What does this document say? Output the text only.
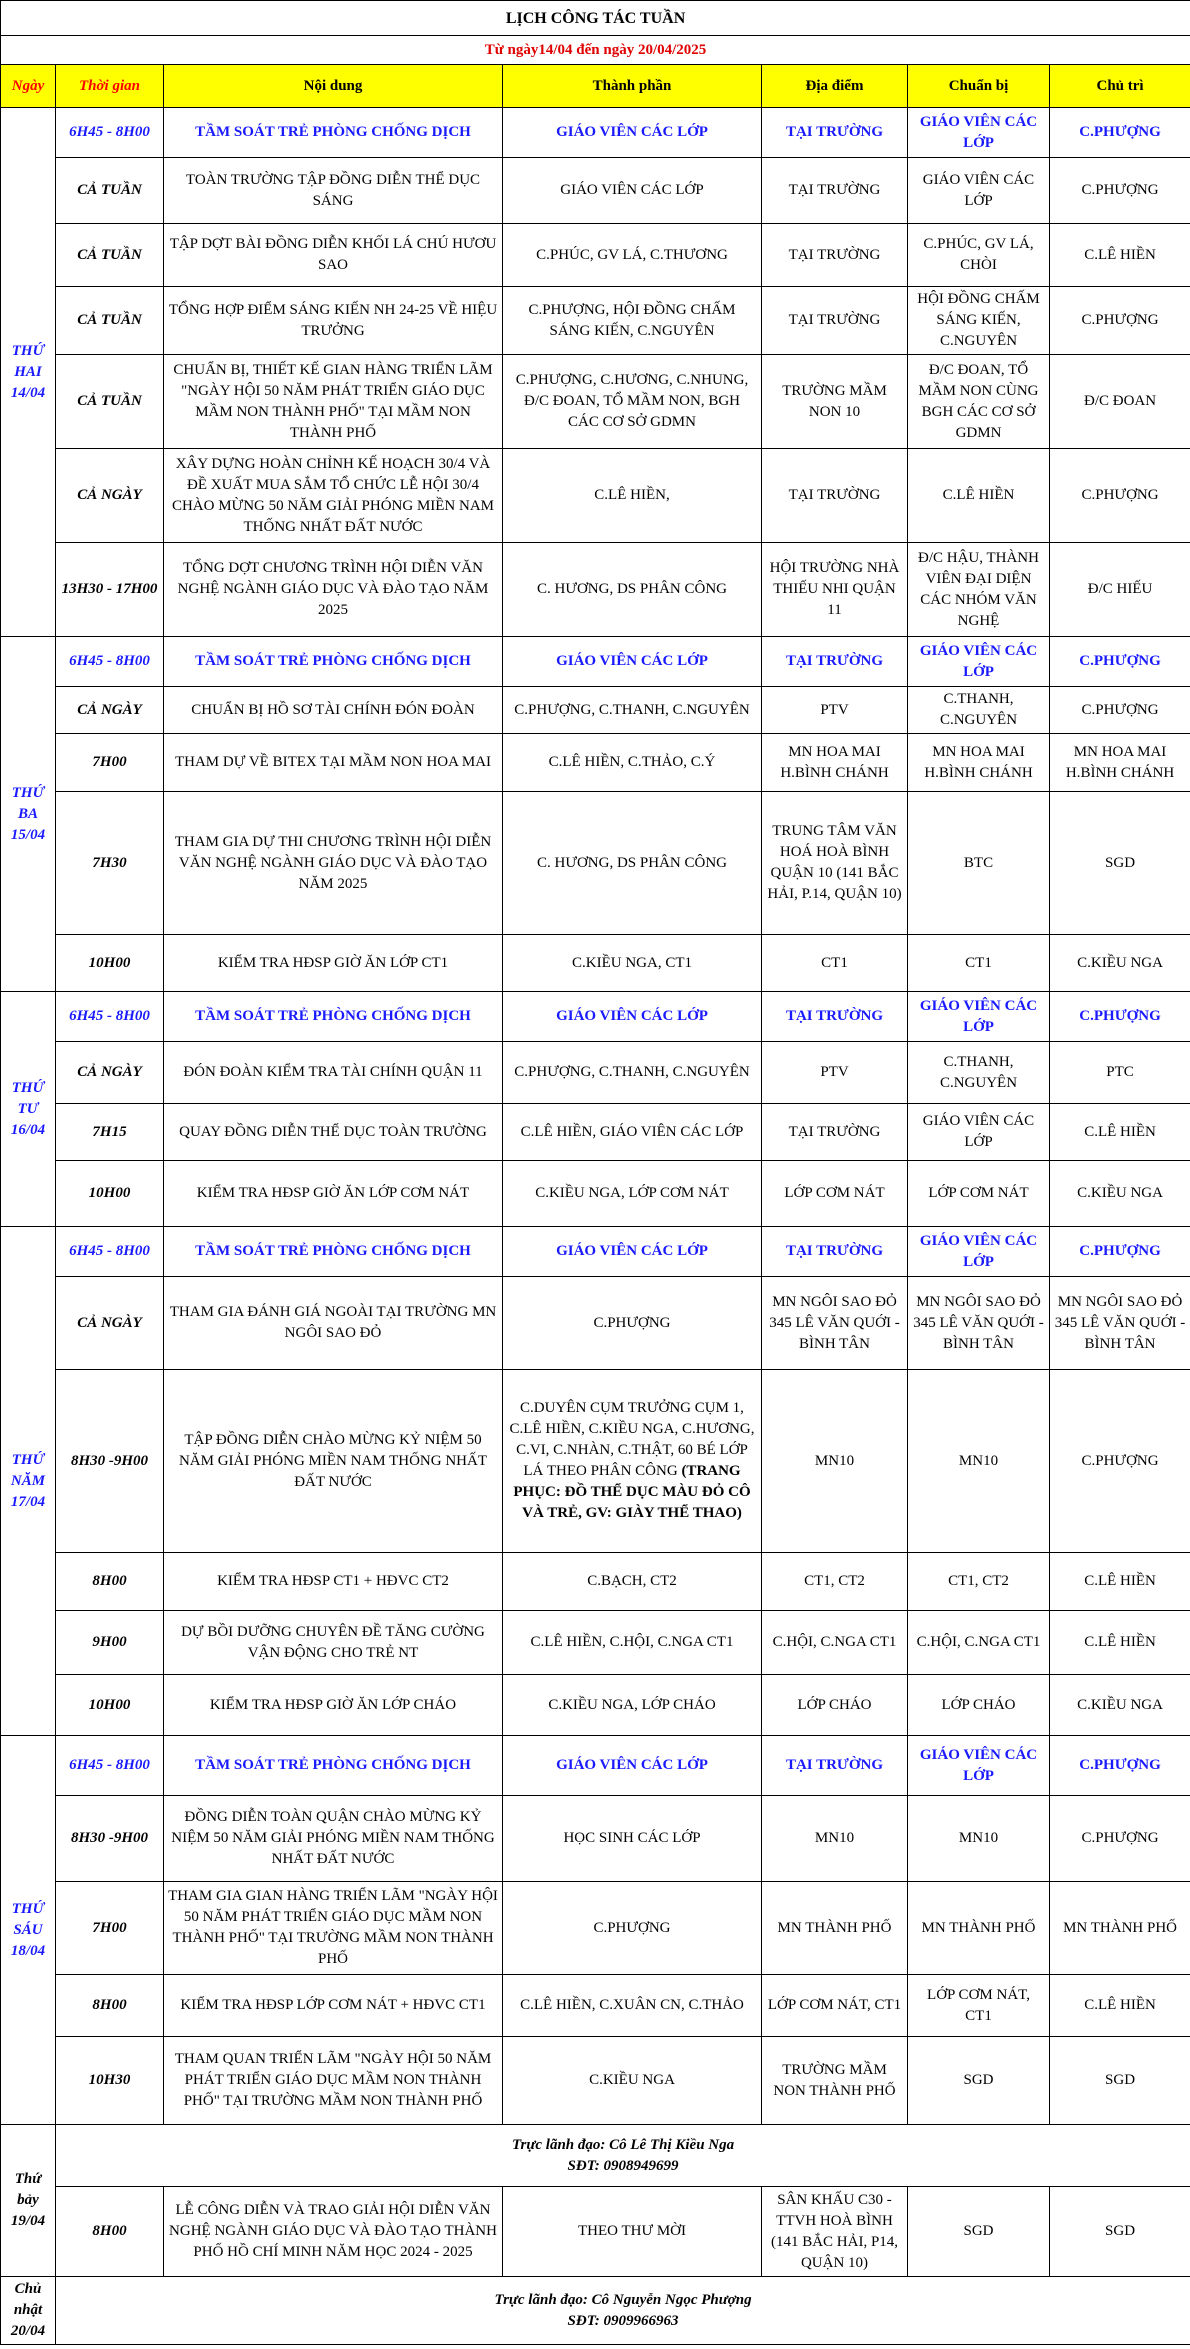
LỊCH CÔNG TÁC TUẦN						
Từ ngày14/04 đến ngày 20/04/2025						
Ngày	Thời gian	Nội dung	Thành phần	Địa điểm	Chuẩn bị	Chủ trì
THỨ HAI 14/04	6H45 - 8H00	TẦM SOÁT TRẺ PHÒNG CHỐNG DỊCH	GIÁO VIÊN CÁC LỚP	TẠI TRƯỜNG	GIÁO VIÊN CÁC LỚP	C.PHƯỢNG
	CẢ TUẦN	TOÀN TRƯỜNG TẬP ĐỒNG DIỄN THỂ DỤC SÁNG	GIÁO VIÊN CÁC LỚP	TẠI TRƯỜNG	GIÁO VIÊN CÁC LỚP	C.PHƯỢNG
	CẢ TUẦN	TẬP DỢT BÀI ĐỒNG DIỄN KHỐI LÁ CHÚ HƯƠU SAO	C.PHÚC, GV LÁ, C.THƯƠNG	TẠI TRƯỜNG	C.PHÚC, GV LÁ, CHÒI	C.LÊ HIỀN
	CẢ TUẦN	TỔNG HỢP ĐIỂM SÁNG KIẾN NH 24-25 VỀ HIỆU TRƯỞNG	C.PHƯỢNG, HỘI ĐỒNG CHẤM SÁNG KIẾN, C.NGUYÊN	TẠI TRƯỜNG	HỘI ĐỒNG CHẤM SÁNG KIẾN, C.NGUYÊN	C.PHƯỢNG
	CẢ TUẦN	CHUẨN BỊ, THIẾT KẾ GIAN HÀNG TRIỂN LÃM "NGÀY HỘI 50 NĂM PHÁT TRIỂN GIÁO DỤC MẦM NON THÀNH PHỐ" TẠI MẦM NON THÀNH PHỐ	C.PHƯỢNG, C.HƯƠNG, C.NHUNG, Đ/C ĐOAN, TỔ MẦM NON, BGH CÁC CƠ SỞ GDMN	TRƯỜNG MẦM NON 10	Đ/C ĐOAN, TỔ MẦM NON CÙNG BGH CÁC CƠ SỞ GDMN	Đ/C ĐOAN
	CẢ NGÀY	XÂY DỰNG HOÀN CHỈNH KẾ HOẠCH 30/4 VÀ ĐỀ XUẤT MUA SẮM TỔ CHỨC LỄ HỘI 30/4 CHÀO MỪNG 50 NĂM GIẢI PHÓNG MIỀN NAM THỐNG NHẤT ĐẤT NƯỚC	C.LÊ HIỀN,	TẠI TRƯỜNG	C.LÊ HIỀN	C.PHƯỢNG
	13H30 - 17H00	TỔNG DỢT CHƯƠNG TRÌNH HỘI DIỄN VĂN NGHỆ NGÀNH GIÁO DỤC VÀ ĐÀO TẠO NĂM 2025	C. HƯƠNG, DS PHÂN CÔNG	HỘI TRƯỜNG NHÀ THIẾU NHI QUẬN 11	Đ/C HẬU, THÀNH VIÊN ĐẠI DIỆN CÁC NHÓM VĂN NGHỆ	Đ/C HIẾU
THỨ BA 15/04	6H45 - 8H00	TẦM SOÁT TRẺ PHÒNG CHỐNG DỊCH	GIÁO VIÊN CÁC LỚP	TẠI TRƯỜNG	GIÁO VIÊN CÁC LỚP	C.PHƯỢNG
	CẢ NGÀY	CHUẨN BỊ HỒ SƠ TÀI CHÍNH ĐÓN ĐOÀN	C.PHƯỢNG, C.THANH, C.NGUYÊN	PTV	C.THANH, C.NGUYÊN	C.PHƯỢNG
	7H00	THAM DỰ VỀ BITEX TẠI MẦM NON HOA MAI	C.LÊ HIỀN, C.THẢO, C.Ý	MN HOA MAI H.BÌNH CHÁNH	MN HOA MAI H.BÌNH CHÁNH	MN HOA MAI H.BÌNH CHÁNH
	7H30	THAM GIA DỰ THI CHƯƠNG TRÌNH HỘI DIỄN VĂN NGHỆ NGÀNH GIÁO DỤC VÀ ĐÀO TẠO NĂM 2025	C. HƯƠNG, DS PHÂN CÔNG	TRUNG TÂM VĂN HOÁ HOÀ BÌNH QUẬN 10 (141 BẮC HẢI, P.14, QUẬN 10)	BTC	SGD
	10H00	KIỂM TRA HĐSP GIỜ ĂN LỚP CT1	C.KIỀU NGA, CT1	CT1	CT1	C.KIỀU NGA
THỨ TƯ 16/04	6H45 - 8H00	TẦM SOÁT TRẺ PHÒNG CHỐNG DỊCH	GIÁO VIÊN CÁC LỚP	TẠI TRƯỜNG	GIÁO VIÊN CÁC LỚP	C.PHƯỢNG
	CẢ NGÀY	ĐÓN ĐOÀN KIỂM TRA TÀI CHÍNH QUẬN 11	C.PHƯỢNG, C.THANH, C.NGUYÊN	PTV	C.THANH, C.NGUYÊN	PTC
	7H15	QUAY ĐỒNG DIỄN THỂ DỤC TOÀN TRƯỜNG	C.LÊ HIỀN, GIÁO VIÊN CÁC LỚP	TẠI TRƯỜNG	GIÁO VIÊN CÁC LỚP	C.LÊ HIỀN
	10H00	KIỂM TRA HĐSP GIỜ ĂN LỚP CƠM NÁT	C.KIỀU NGA, LỚP CƠM NÁT	LỚP CƠM NÁT	LỚP CƠM NÁT	C.KIỀU NGA
THỨ NĂM 17/04	6H45 - 8H00	TẦM SOÁT TRẺ PHÒNG CHỐNG DỊCH	GIÁO VIÊN CÁC LỚP	TẠI TRƯỜNG	GIÁO VIÊN CÁC LỚP	C.PHƯỢNG
	CẢ NGÀY	THAM GIA ĐÁNH GIÁ NGOÀI TẠI TRƯỜNG MN NGÔI SAO ĐỎ	C.PHƯỢNG	MN NGÔI SAO ĐỎ 345 LÊ VĂN QUỚI - BÌNH TÂN	MN NGÔI SAO ĐỎ 345 LÊ VĂN QUỚI - BÌNH TÂN	MN NGÔI SAO ĐỎ 345 LÊ VĂN QUỚI - BÌNH TÂN
	8H30 -9H00	TẬP ĐỒNG DIỄN CHÀO MỪNG KỶ NIỆM 50 NĂM GIẢI PHÓNG MIỀN NAM THỐNG NHẤT ĐẤT NƯỚC	C.DUYÊN CỤM TRƯỞNG CỤM 1, C.LÊ HIỀN, C.KIỀU NGA, C.HƯƠNG, C.VI, C.NHÀN, C.THẬT, 60 BÉ LỚP LÁ THEO PHÂN CÔNG (TRANG PHỤC: ĐỒ THỂ DỤC MÀU ĐỎ CÔ VÀ TRẺ, GV: GIÀY THỂ THAO)	MN10	MN10	C.PHƯỢNG
	8H00	KIỂM TRA HĐSP CT1 + HĐVC CT2	C.BẠCH, CT2	CT1, CT2	CT1, CT2	C.LÊ HIỀN
	9H00	DỰ BỒI DƯỠNG CHUYÊN ĐỀ TĂNG CƯỜNG VẬN ĐỘNG CHO TRẺ NT	C.LÊ HIỀN, C.HỘI, C.NGA CT1	C.HỘI, C.NGA CT1	C.HỘI, C.NGA CT1	C.LÊ HIỀN
	10H00	KIỂM TRA HĐSP GIỜ ĂN LỚP CHÁO	C.KIỀU NGA, LỚP CHÁO	LỚP CHÁO	LỚP CHÁO	C.KIỀU NGA
THỨ SÁU 18/04	6H45 - 8H00	TẦM SOÁT TRẺ PHÒNG CHỐNG DỊCH	GIÁO VIÊN CÁC LỚP	TẠI TRƯỜNG	GIÁO VIÊN CÁC LỚP	C.PHƯỢNG
	8H30 -9H00	ĐỒNG DIỄN TOÀN QUẬN CHÀO MỪNG KỶ NIỆM 50 NĂM GIẢI PHÓNG MIỀN NAM THỐNG NHẤT ĐẤT NƯỚC	HỌC SINH CÁC LỚP	MN10	MN10	C.PHƯỢNG
	7H00	THAM GIA GIAN HÀNG TRIỂN LÃM "NGÀY HỘI 50 NĂM PHÁT TRIỂN GIÁO DỤC MẦM NON THÀNH PHỐ" TẠI TRƯỜNG MẦM NON THÀNH PHỐ	C.PHƯỢNG	MN THÀNH PHỐ	MN THÀNH PHỐ	MN THÀNH PHỐ
	8H00	KIỂM TRA HĐSP LỚP CƠM NÁT + HĐVC CT1	C.LÊ HIỀN, C.XUÂN CN, C.THẢO	LỚP CƠM NÁT, CT1	LỚP CƠM NÁT, CT1	C.LÊ HIỀN
	10H30	THAM QUAN TRIỂN LÃM "NGÀY HỘI 50 NĂM PHÁT TRIỂN GIÁO DỤC MẦM NON THÀNH PHỐ" TẠI TRƯỜNG MẦM NON THÀNH PHỐ	C.KIỀU NGA	TRƯỜNG MẦM NON THÀNH PHỐ	SGD	SGD
Thứ bảy 19/04	Trực lãnh đạo: Cô Lê Thị Kiều Nga
SĐT: 0908949699					

	8H00	LỄ CÔNG DIỄN VÀ TRAO GIẢI HỘI DIỄN VĂN NGHỆ NGÀNH GIÁO DỤC VÀ ĐÀO TẠO THÀNH PHỐ HỒ CHÍ MINH NĂM HỌC 2024 - 2025	THEO THƯ MỜI	SÂN KHẤU C30 - TTVH HOÀ BÌNH (141 BẮC HẢI, P14, QUẬN 10)	SGD	SGD
Chủ nhật 20/04	Trực lãnh đạo: Cô Nguyễn Ngọc Phượng
SĐT: 0909966963					
